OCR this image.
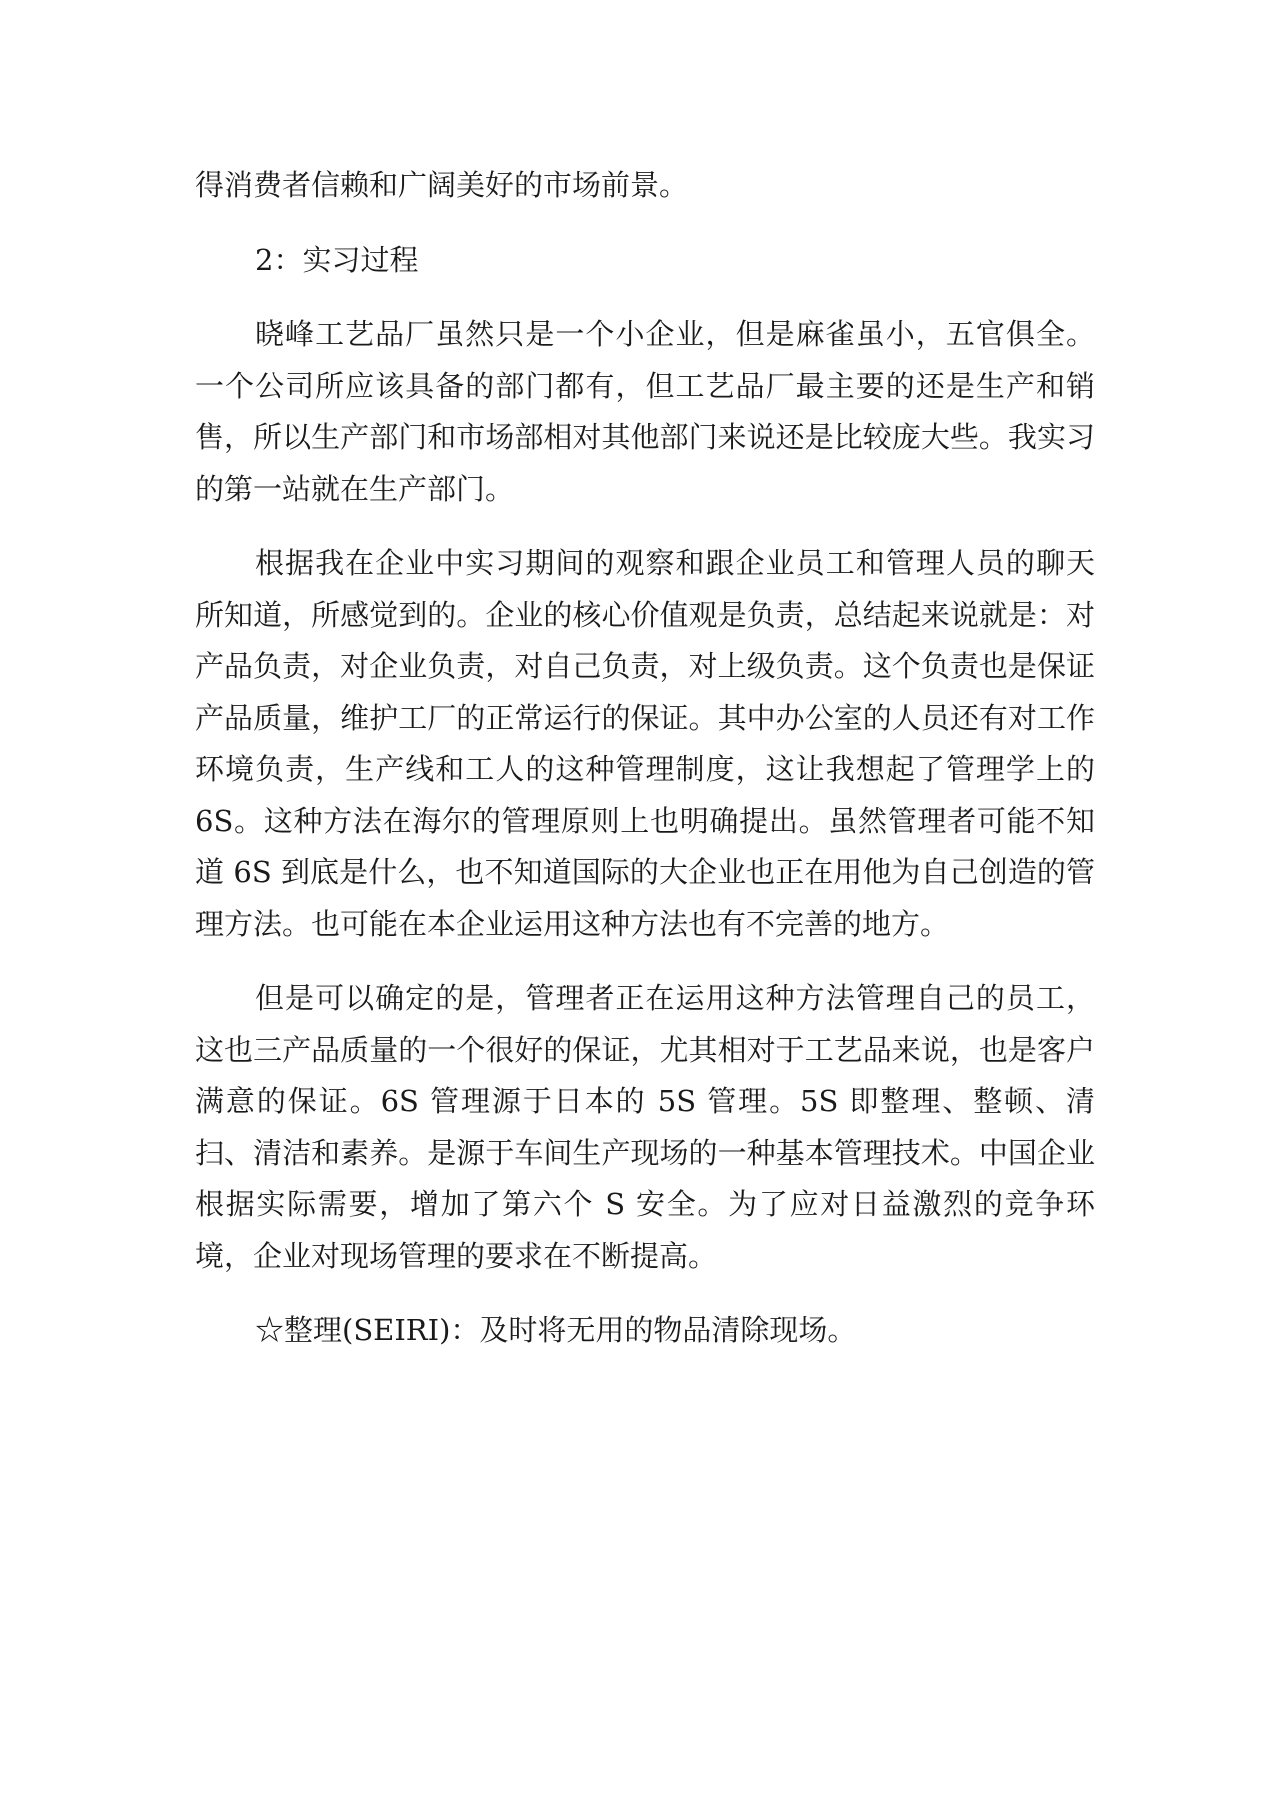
得消费者信赖和广阔美好的市场前景。

2：实习过程

晓峰工艺品厂虽然只是一个小企业，但是麻雀虽小，五官俱全。一个公司所应该具备的部门都有，但工艺品厂最主要的还是生产和销售，所以生产部门和市场部相对其他部门来说还是比较庞大些。我实习的第一站就在生产部门。

根据我在企业中实习期间的观察和跟企业员工和管理人员的聊天所知道，所感觉到的。企业的核心价值观是负责，总结起来说就是：对产品负责，对企业负责，对自己负责，对上级负责。这个负责也是保证产品质量，维护工厂的正常运行的保证。其中办公室的人员还有对工作环境负责，生产线和工人的这种管理制度，这让我想起了管理学上的 6S。这种方法在海尔的管理原则上也明确提出。虽然管理者可能不知道 6S 到底是什么，也不知道国际的大企业也正在用他为自己创造的管理方法。也可能在本企业运用这种方法也有不完善的地方。

但是可以确定的是，管理者正在运用这种方法管理自己的员工，这也三产品质量的一个很好的保证，尤其相对于工艺品来说，也是客户满意的保证。6S 管理源于日本的 5S 管理。5S 即整理、整顿、清扫、清洁和素养。是源于车间生产现场的一种基本管理技术。中国企业根据实际需要，增加了第六个 S 安全。为了应对日益激烈的竞争环境，企业对现场管理的要求在不断提高。

☆整理(SEIRI)：及时将无用的物品清除现场。
